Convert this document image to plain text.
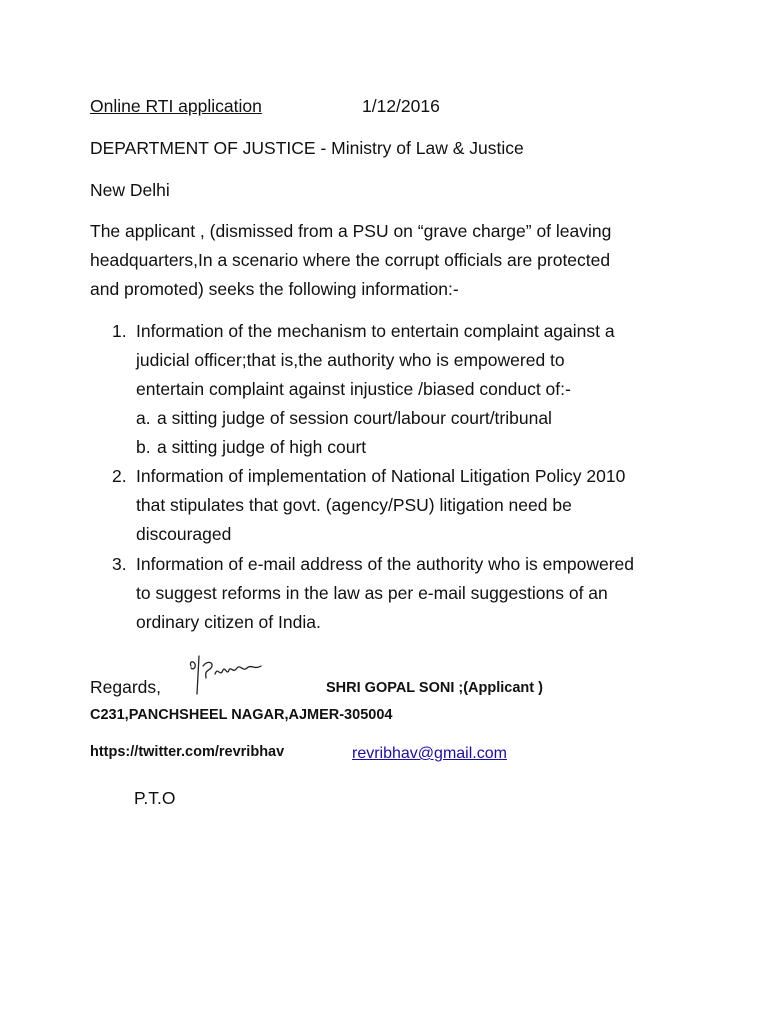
Online RTI application	1/12/2016
DEPARTMENT OF JUSTICE - Ministry of Law & Justice
New Delhi
The applicant , (dismissed from a PSU on “grave charge” of leaving
headquarters,In a scenario where the corrupt officials are protected
and promoted) seeks the following information:-
1. Information of the mechanism to entertain complaint against a
judicial officer;that is,the authority who is empowered to
entertain complaint against injustice /biased conduct of:-
a. a sitting judge of session court/labour court/tribunal
b. a sitting judge of high court
2. Information of implementation of National Litigation Policy 2010
that stipulates that govt. (agency/PSU) litigation need be
discouraged
3. Information of e-mail address of the authority who is empowered
to suggest reforms in the law as per e-mail suggestions of an
ordinary citizen of India.
Regards,	SHRI GOPAL SONI ;(Applicant )
C231,PANCHSHEEL NAGAR,AJMER-305004
https://twitter.com/revribhav	revribhav@gmail.com
P.T.O
